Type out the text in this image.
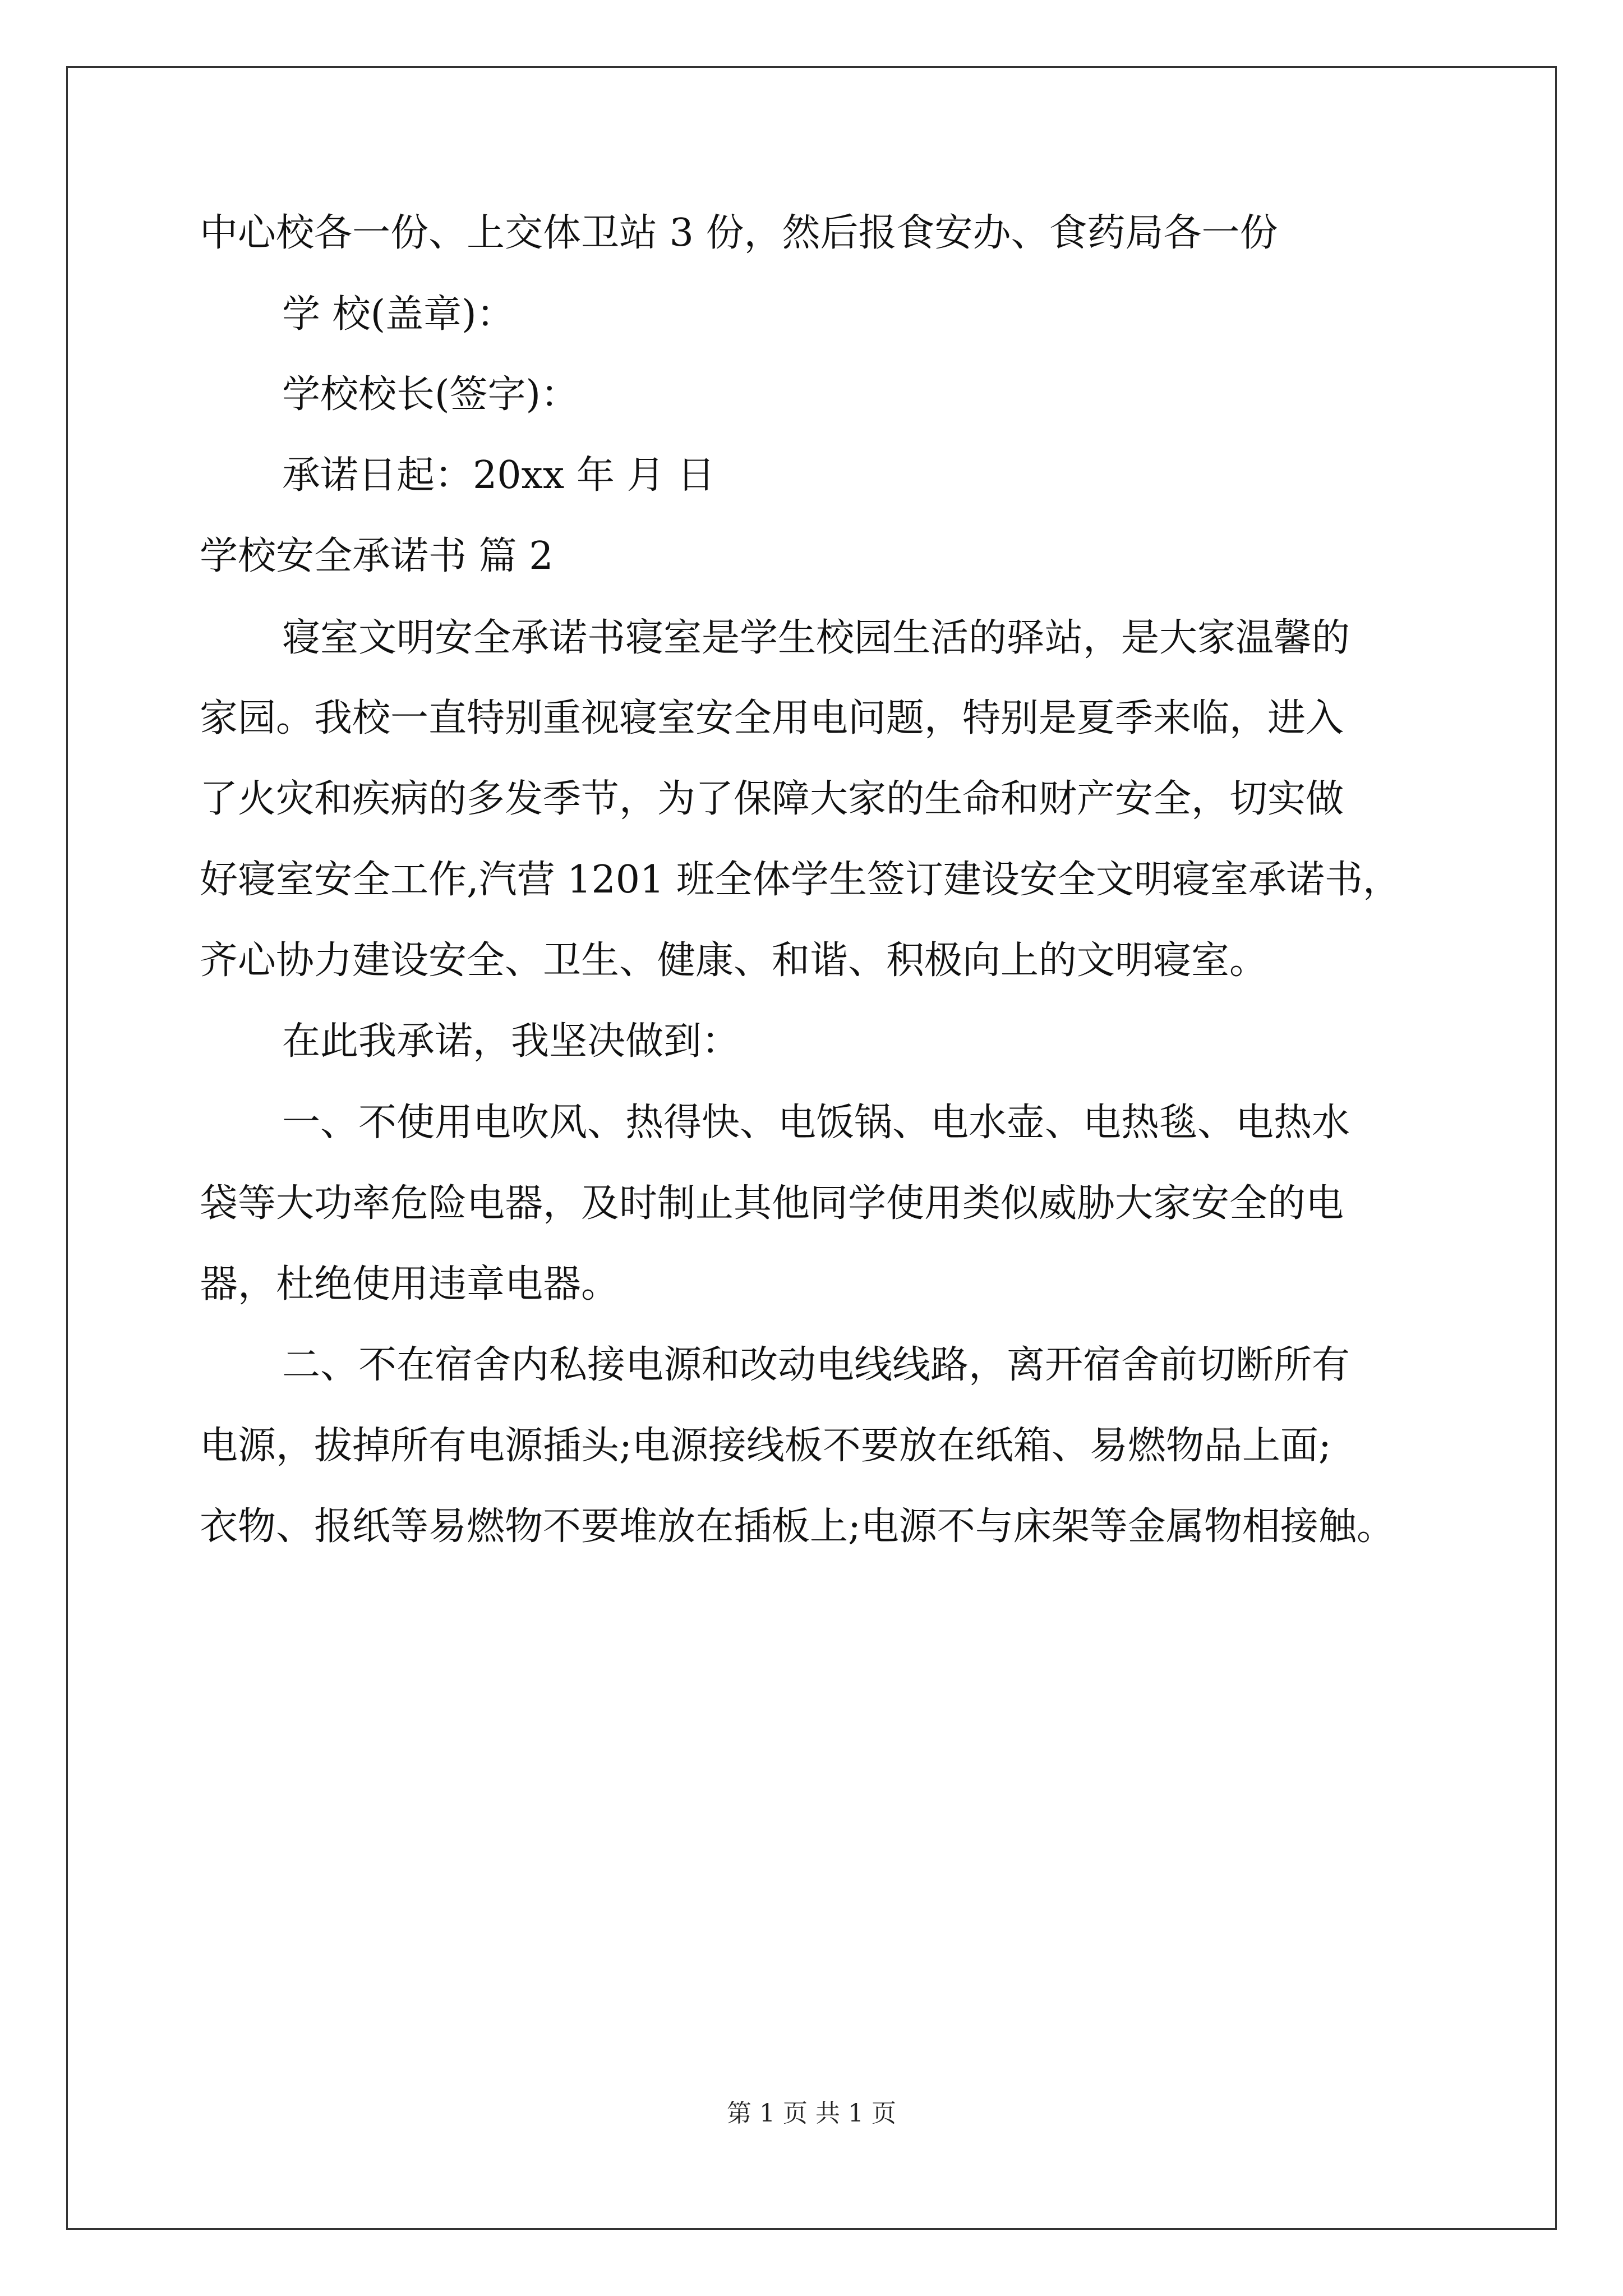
中心校各一份、上交体卫站 3 份，然后报食安办、食药局各一份
学 校(盖章)：
学校校长(签字)：
承诺日起：20xx 年 月 日
学校安全承诺书 篇 2
寝室文明安全承诺书寝室是学生校园生活的驿站，是大家温馨的
家园。我校一直特别重视寝室安全用电问题，特别是夏季来临，进入
了火灾和疾病的多发季节，为了保障大家的生命和财产安全，切实做
好寝室安全工作,汽营 1201 班全体学生签订建设安全文明寝室承诺书，
齐心协力建设安全、卫生、健康、和谐、积极向上的文明寝室。
在此我承诺，我坚决做到：
一、不使用电吹风、热得快、电饭锅、电水壶、电热毯、电热水
袋等大功率危险电器，及时制止其他同学使用类似威胁大家安全的电
器，杜绝使用违章电器。
二、不在宿舍内私接电源和改动电线线路，离开宿舍前切断所有
电源，拔掉所有电源插头;电源接线板不要放在纸箱、易燃物品上面;
衣物、报纸等易燃物不要堆放在插板上;电源不与床架等金属物相接触。
第 1 页 共 1 页
